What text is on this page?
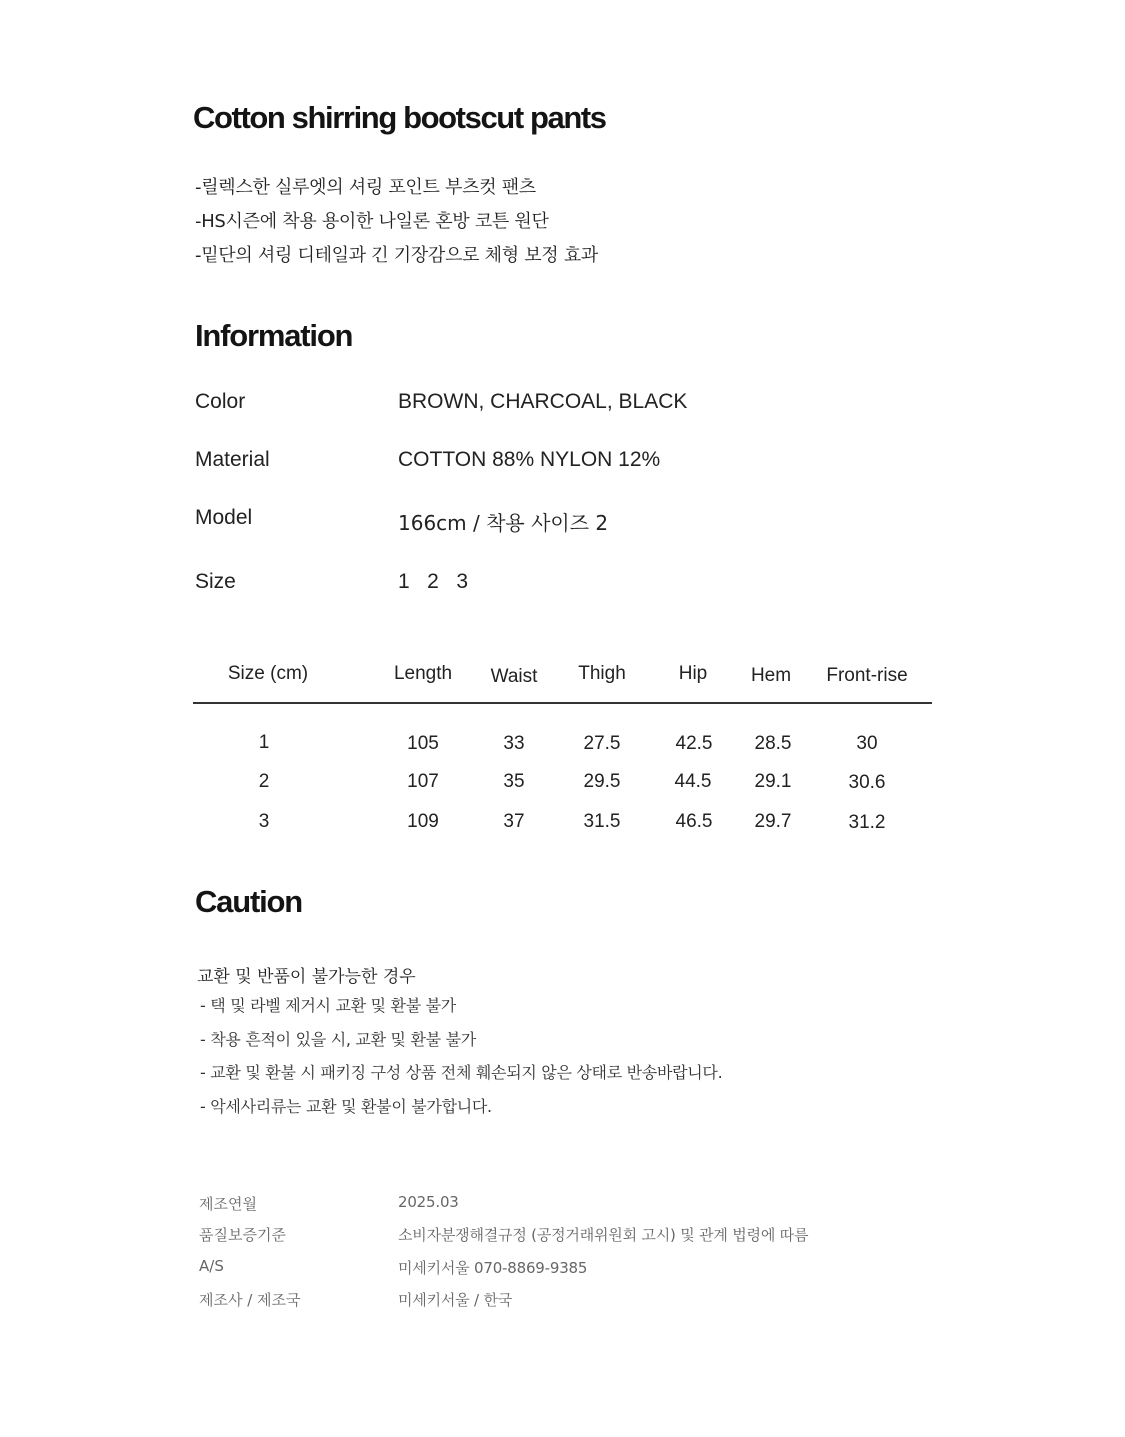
Cotton shirring bootscut pants
-릴렉스한 실루엣의 셔링 포인트 부츠컷 팬츠
-HS시즌에 착용 용이한 나일론 혼방 코튼 원단
-밑단의 셔링 디테일과 긴 기장감으로 체형 보정 효과
Information
Color	BROWN, CHARCOAL, BLACK
Material	COTTON 88% NYLON 12%
Model	166cm / 착용 사이즈 2
Size	1   2   3
Size (cm)	Length Waist Thigh	Hip Hem Front-rise
1	105	33	27.5	42.5 28.5	30
2	107	35	29.5	44.5 29.1	30.6
3	109	37	31.5	46.5 29.7	31.2
Caution
교환 및 반품이 불가능한 경우
- 택 및 라벨 제거시 교환 및 환불 불가
- 착용 흔적이 있을 시, 교환 및 환불 불가
- 교환 및 환불 시 패키징 구성 상품 전체 훼손되지 않은 상태로 반송바랍니다.
- 악세사리류는 교환 및 환불이 불가합니다.
제조연월	2025.03
품질보증기준	소비자분쟁해결규정 (공정거래위원회 고시) 및 관계 법령에 따름
A/S	미세키서울 070-8869-9385
제조사 / 제조국	미세키서울 / 한국
